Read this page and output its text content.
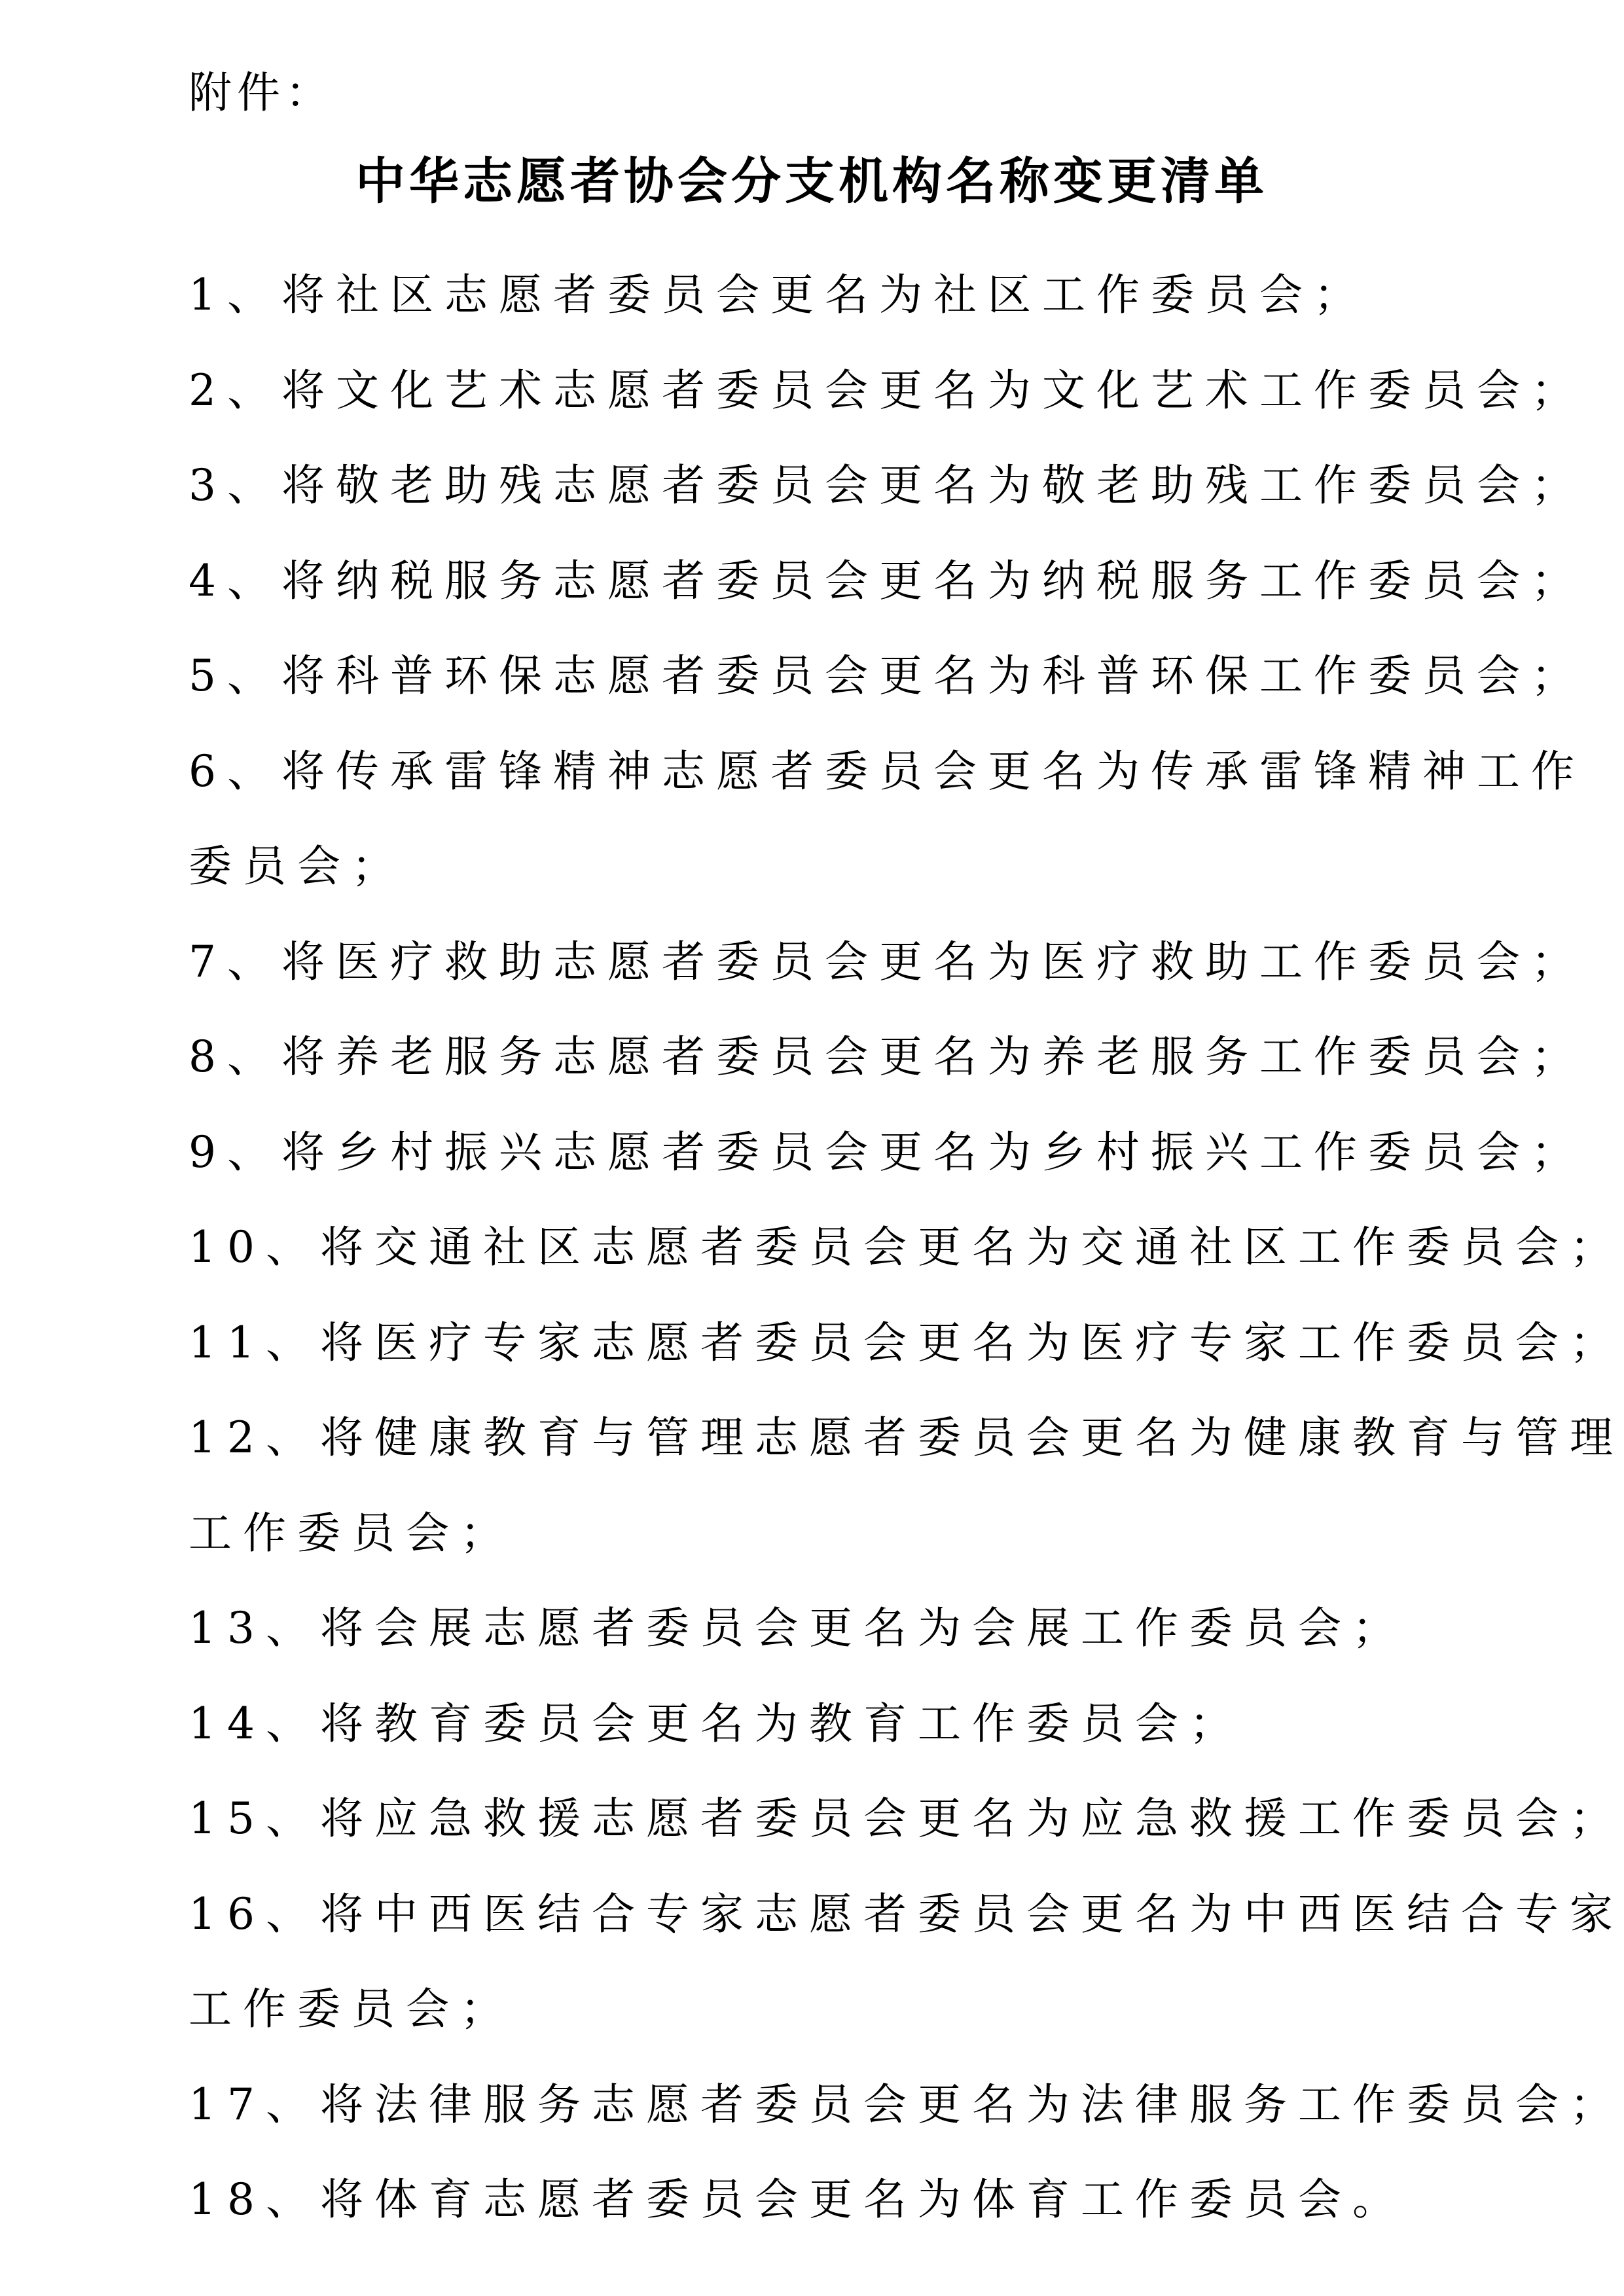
附件：
中华志愿者协会分支机构名称变更清单
1、将社区志愿者委员会更名为社区工作委员会；
2、将文化艺术志愿者委员会更名为文化艺术工作委员会；
3、将敬老助残志愿者委员会更名为敬老助残工作委员会；
4、将纳税服务志愿者委员会更名为纳税服务工作委员会；
5、将科普环保志愿者委员会更名为科普环保工作委员会；
6、将传承雷锋精神志愿者委员会更名为传承雷锋精神工作
委员会；
7、将医疗救助志愿者委员会更名为医疗救助工作委员会；
8、将养老服务志愿者委员会更名为养老服务工作委员会；
9、将乡村振兴志愿者委员会更名为乡村振兴工作委员会；
10、将交通社区志愿者委员会更名为交通社区工作委员会；
11、将医疗专家志愿者委员会更名为医疗专家工作委员会；
12、将健康教育与管理志愿者委员会更名为健康教育与管理
工作委员会；
13、将会展志愿者委员会更名为会展工作委员会；
14、将教育委员会更名为教育工作委员会；
15、将应急救援志愿者委员会更名为应急救援工作委员会；
16、将中西医结合专家志愿者委员会更名为中西医结合专家
工作委员会；
17、将法律服务志愿者委员会更名为法律服务工作委员会；
18、将体育志愿者委员会更名为体育工作委员会。
